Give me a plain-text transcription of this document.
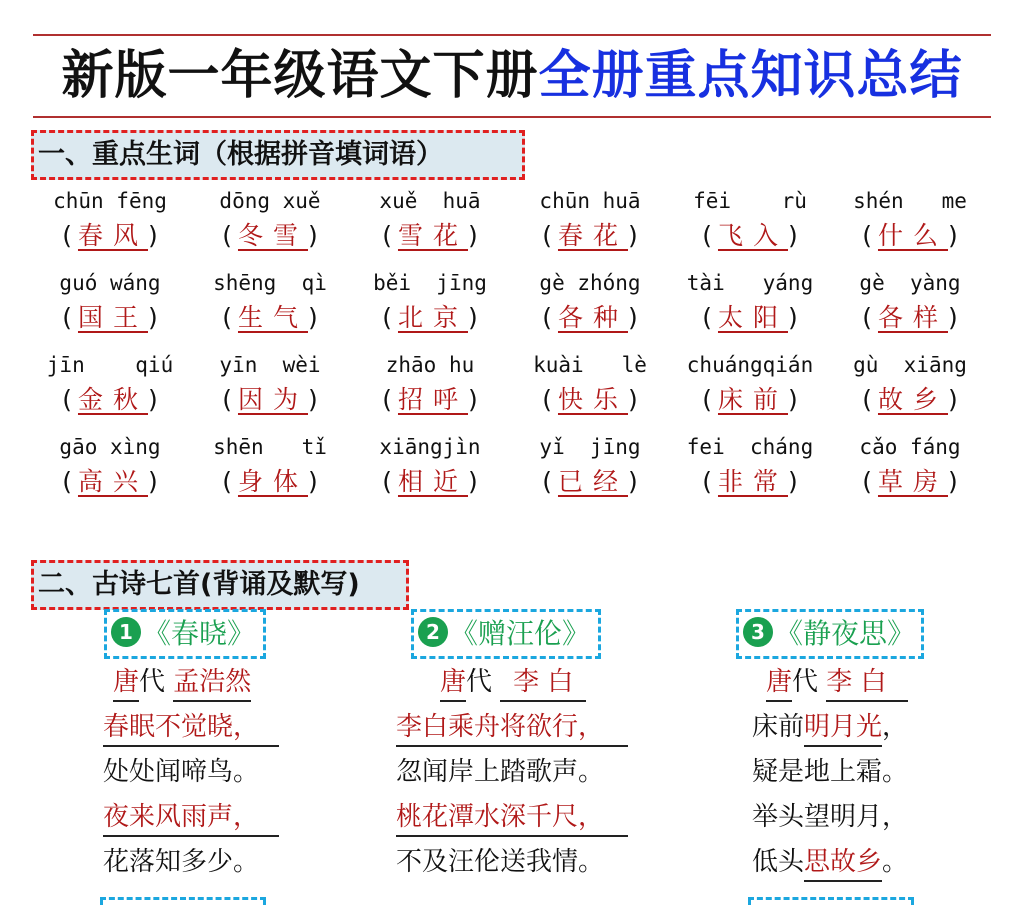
新版一年级语文下册全册重点知识总结
一、重点生词（根据拼音填词语）
chūn fēng
( 春风)
dōng xuě
( 冬雪)
xuě  huā
( 雪花)
chūn huā
( 春花)
fēi    rù
( 飞入)
shén   me
( 什么)
guó wáng
( 国王)
shēng  qì
( 生气)
běi  jīng
( 北京)
gè zhóng
( 各种)
tài   yáng
( 太阳)
gè  yàng
( 各样)
jīn    qiú
( 金秋)
yīn  wèi
( 因为)
zhāo hu
( 招呼)
kuài   lè
( 快乐)
chuángqián
( 床前)
gù  xiāng
( 故乡)
gāo xìng
( 高兴)
shēn   tǐ
( 身体)
xiāngjìn
( 相近)
yǐ  jīng
( 已经)
fei  cháng
( 非常)
cǎo fáng
( 草房)
二、古诗七首(背诵及默写)
1 《春晓》
唐代 孟浩然
春眠不觉晓，
处处闻啼鸟。
夜来风雨声，
花落知多少。
2 《赠汪伦》
唐代 李 白
李白乘舟将欲行，
忽闻岸上踏歌声。
桃花潭水深千尺，
不及汪伦送我情。
3 《静夜思》
唐代 李 白
床前明月光，
疑是地上霜。
举头望明月，
低头思故乡。
